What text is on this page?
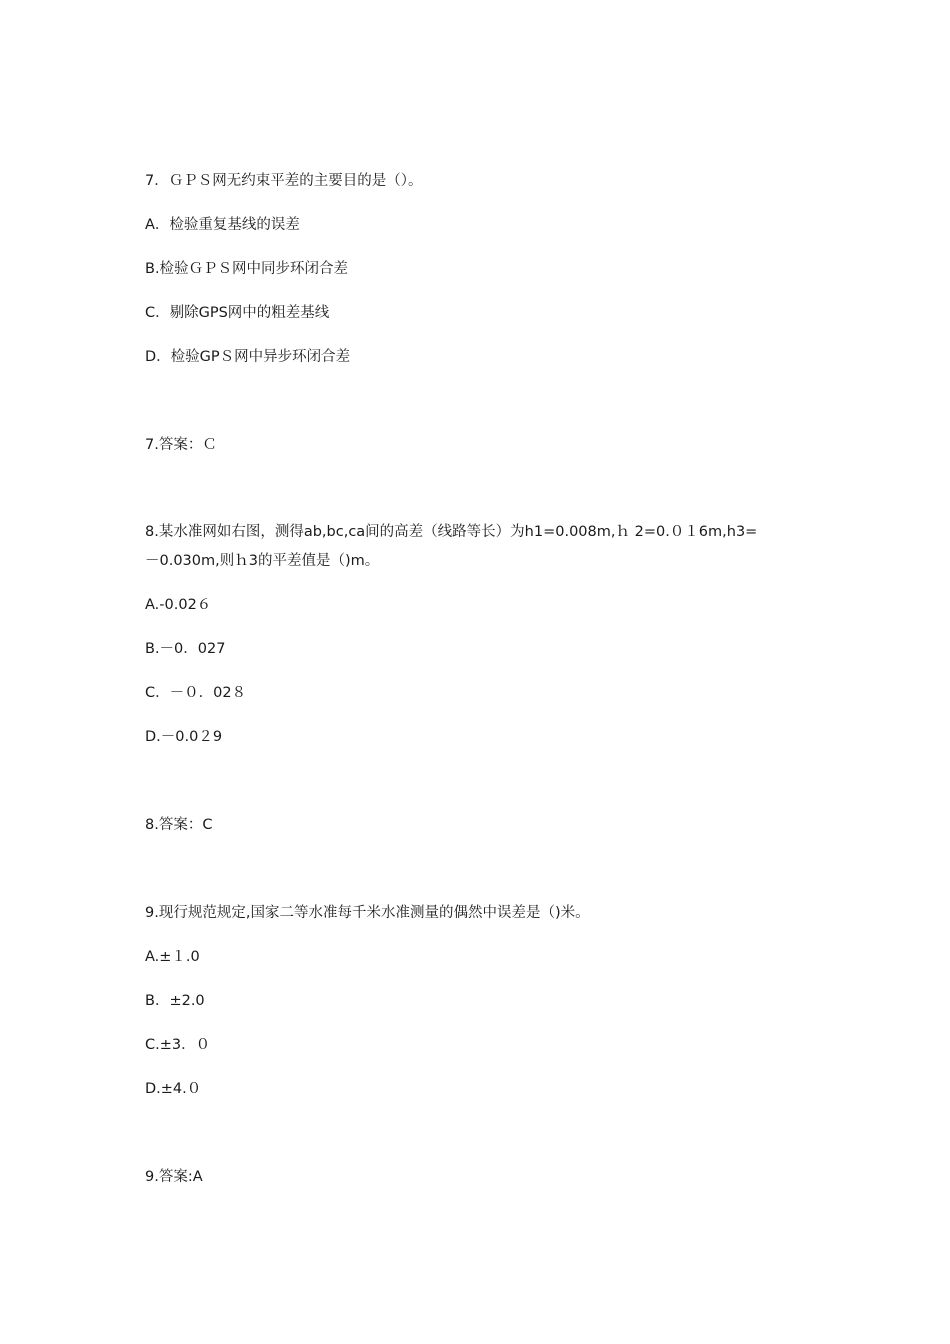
7．ＧＰＳ网无约束平差的主要目的是（）。
A．检验重复基线的误差
B.检验ＧＰＳ网中同步环闭合差
C．剔除GPS网中的粗差基线
D．检验GPＳ网中异步环闭合差
7.答案：Ｃ
8.某水准网如右图，测得ab,bc,ca间的高差（线路等长）为h1=0.008m,ｈ 2=0.０１6m,h3=
－0.030m,则ｈ3的平差值是（)m。
A.-0.02６
B.－0．027
C．－０．02８
D.－0.0２9
8.答案：C
9.现行规范规定,国家二等水准每千米水准测量的偶然中误差是（)米。
A.±１.0
B．±2.0
C.±3．０
D.±4.０
9.答案:A
